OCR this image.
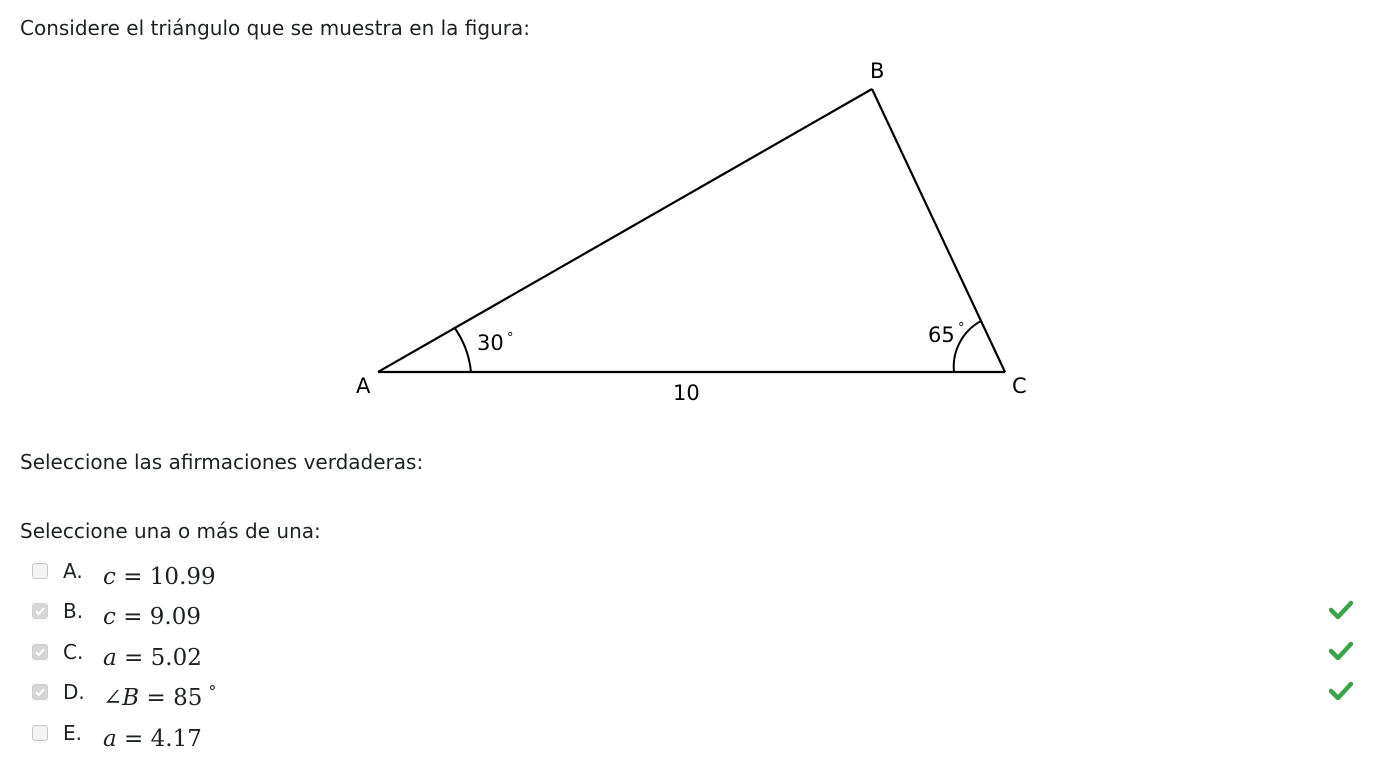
Considere el triángulo que se muestra en la figura:
A
B
C
30 °	65 °
10
Seleccione las afirmaciones verdaderas:
Seleccione una o más de una:
A. c = 10.99
B. c = 9.09
C. a = 5.02
D. ∠B = 85 °
E. a = 4.17
